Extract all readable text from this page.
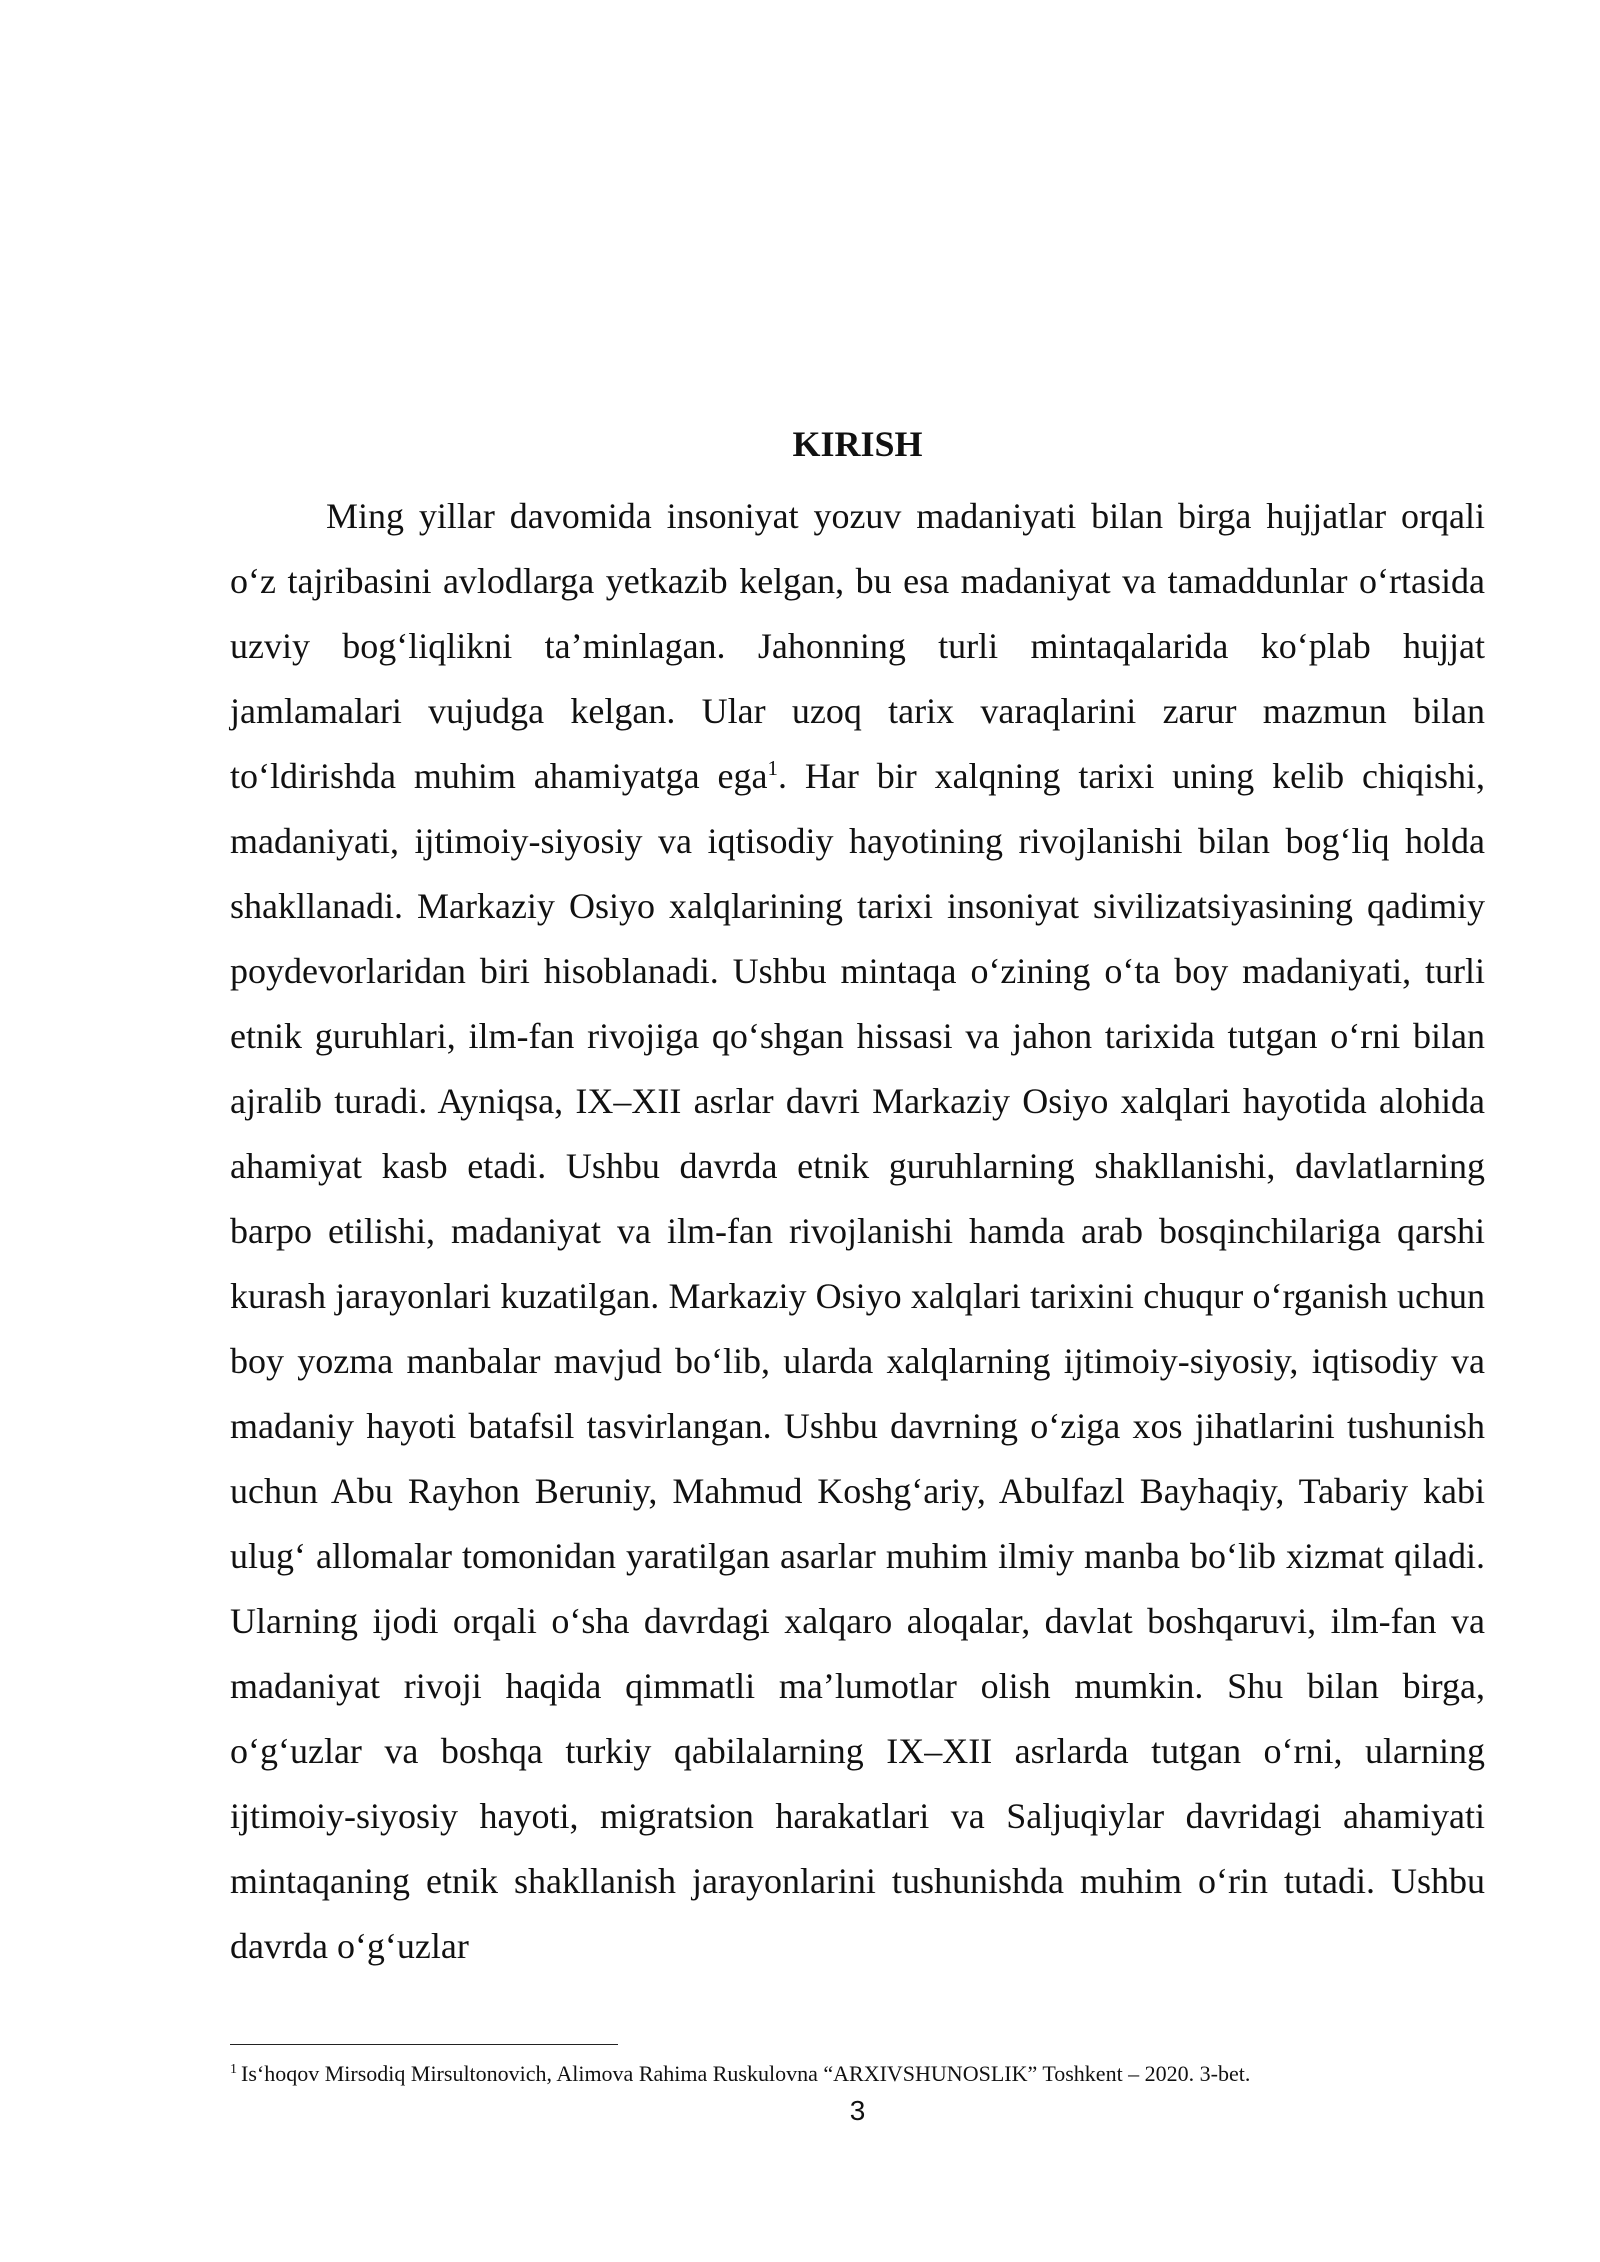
KIRISH

Ming yillar davomida insoniyat yozuv madaniyati bilan birga hujjatlar orqali o‘z tajribasini avlodlarga yetkazib kelgan, bu esa madaniyat va tamaddunlar o‘rtasida uzviy bog‘liqlikni ta’minlagan. Jahonning turli mintaqalarida ko‘plab hujjat jamlamalari vujudga kelgan. Ular uzoq tarix varaqlarini zarur mazmun bilan to‘ldirishda muhim ahamiyatga ega$^1$. Har bir xalqning tarixi uning kelib chiqishi, madaniyati, ijtimoiy-siyosiy va iqtisodiy hayotining rivojlanishi bilan bog‘liq holda shakllanadi. Markaziy Osiyo xalqlarining tarixi insoniyat sivilizatsiyasining qadimiy poydevorlaridan biri hisoblanadi. Ushbu mintaqa o‘zining o‘ta boy madaniyati, turli etnik guruhlari, ilm-fan rivojiga qo‘shgan hissasi va jahon tarixida tutgan o‘rni bilan ajralib turadi. Ayniqsa, IX–XII asrlar davri Markaziy Osiyo xalqlari hayotida alohida ahamiyat kasb etadi. Ushbu davrda etnik guruhlarning shakllanishi, davlatlarning barpo etilishi, madaniyat va ilm-fan rivojlanishi hamda arab bosqinchilariga qarshi kurash jarayonlari kuzatilgan. Markaziy Osiyo xalqlari tarixini chuqur o‘rganish uchun boy yozma manbalar mavjud bo‘lib, ularda xalqlarning ijtimoiy-siyosiy, iqtisodiy va madaniy hayoti batafsil tasvirlangan. Ushbu davrning o‘ziga xos jihatlarini tushunish uchun Abu Rayhon Beruniy, Mahmud Koshg‘ariy, Abulfazl Bayhaqiy, Tabariy kabi ulug‘ allomalar tomonidan yaratilgan asarlar muhim ilmiy manba bo‘lib xizmat qiladi. Ularning ijodi orqali o‘sha davrdagi xalqaro aloqalar, davlat boshqaruvi, ilm-fan va madaniyat rivoji haqida qimmatli ma’lumotlar olish mumkin. Shu bilan birga, o‘g‘uzlar va boshqa turkiy qabilalarning IX–XII asrlarda tutgan o‘rni, ularning ijtimoiy-siyosiy hayoti, migratsion harakatlari va Saljuqiylar davridagi ahamiyati mintaqaning etnik shakllanish jarayonlarini tushunishda muhim o‘rin tutadi. Ushbu davrda o‘g‘uzlar

$^1$ Is‘hoqov Mirsodiq Mirsultonovich, Alimova Rahima Ruskulovna “ARXIVSHUNOSLIK” Toshkent – 2020. 3-bet.

3
